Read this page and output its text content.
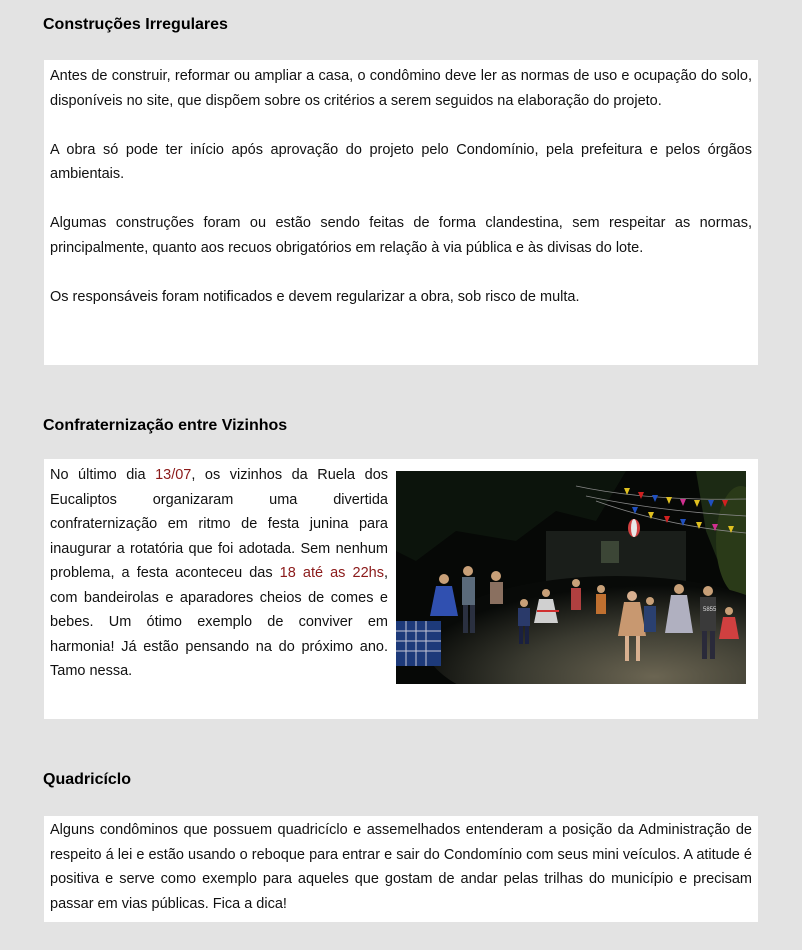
Construções Irregulares

Antes de construir, reformar ou ampliar a casa, o condômino deve ler as normas de uso e ocupação do solo, disponíveis no site, que dispõem sobre os critérios a serem seguidos na elaboração do projeto.

A obra só pode ter início após aprovação do projeto pelo Condomínio, pela prefeitura e pelos órgãos ambientais.

Algumas construções foram ou estão sendo feitas de forma clandestina, sem respeitar as normas, principalmente, quanto aos recuos obrigatórios em relação à via pública e às divisas do lote.

Os responsáveis foram notificados e devem regularizar a obra, sob risco de multa.

Confraternização entre Vizinhos
No último dia 13/07, os vizinhos da Ruela dos Eucaliptos organizaram uma divertida confraternização em ritmo de festa junina para inaugurar a rotatória que foi adotada. Sem nenhum problema, a festa aconteceu das 18 até as 22hs, com bandeirolas e aparadores cheios de comes e bebes. Um ótimo exemplo de conviver em harmonia! Já estão pensando na do próximo ano. Tamo nessa.
5855
Quadricíclo

Alguns condôminos que possuem quadricíclo e assemelhados entenderam a posição da Administração de respeito á lei e estão usando o reboque para entrar e sair do Condomínio com seus mini veículos. A atitude é positiva e serve como exemplo para aqueles que gostam de andar pelas trilhas do município e precisam passar em vias públicas. Fica a dica!
